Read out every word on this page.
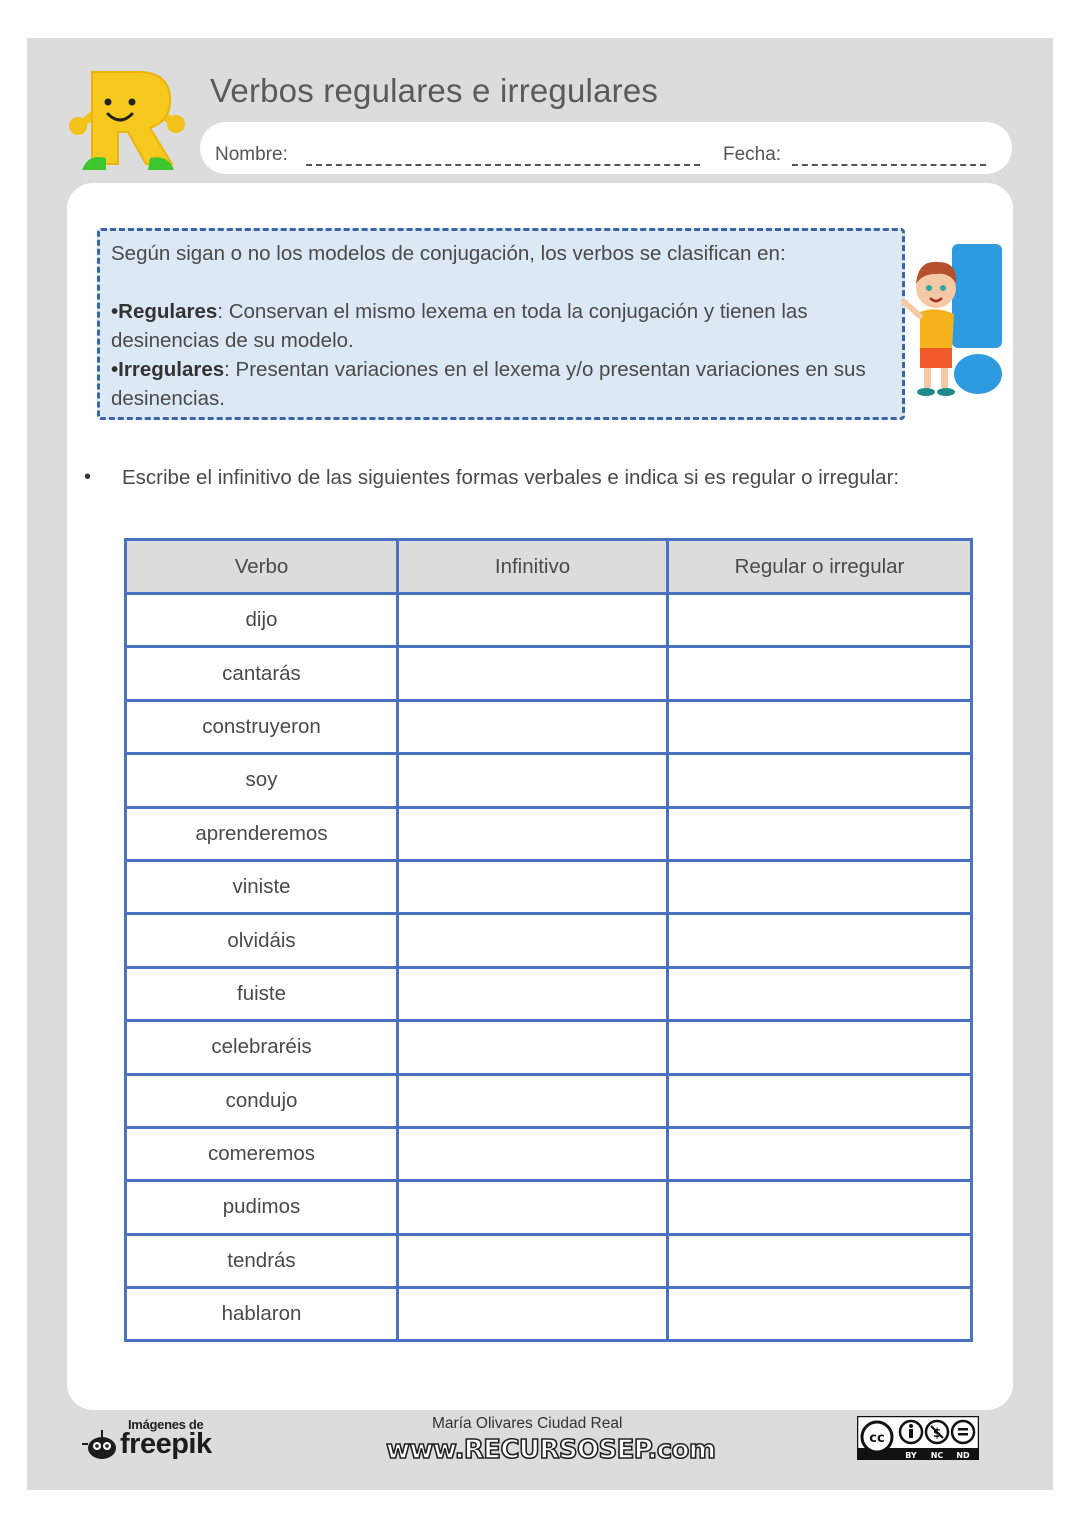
Verbos regulares e irregulares
Nombre:	Fecha:
Según sigan o no los modelos de conjugación, los verbos se clasifican en:
•Regulares: Conservan el mismo lexema en toda la conjugación y tienen las desinencias de su modelo.
•Irregulares: Presentan variaciones en el lexema y/o presentan variaciones en sus desinencias.
• Escribe el infinitivo de las siguientes formas verbales e indica si es regular o irregular:
Verbo	Infinitivo	Regular o irregular
dijo		
cantarás		
construyeron		
soy		
aprenderemos		
viniste		
olvidáis		
fuiste		
celebraréis		
condujo		
comeremos		
pudimos		
tendrás		
hablaron		
Imágenes de
freepik
María Olivares Ciudad Real
www.RECURSOSEP.com	cc	$
BY NC ND
